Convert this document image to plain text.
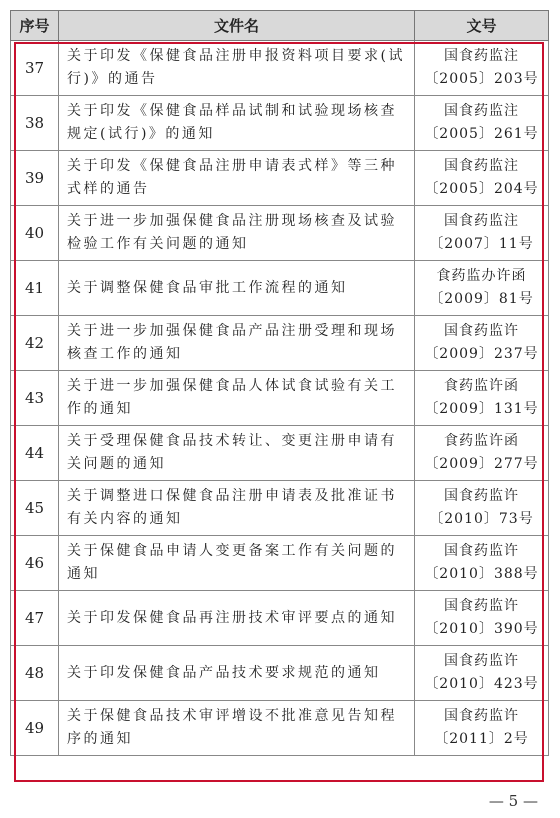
序号	文件名	文号
37	关于印发《保健食品注册申报资料项目要求(试行)》的通告	国食药监注〔2005〕203号
38	关于印发《保健食品样品试制和试验现场核查规定(试行)》的通知	国食药监注〔2005〕261号
39	关于印发《保健食品注册申请表式样》等三种式样的通告	国食药监注〔2005〕204号
40	关于进一步加强保健食品注册现场核查及试验检验工作有关问题的通知	国食药监注〔2007〕11号
41	关于调整保健食品审批工作流程的通知	食药监办许函〔2009〕81号
42	关于进一步加强保健食品产品注册受理和现场核查工作的通知	国食药监许〔2009〕237号
43	关于进一步加强保健食品人体试食试验有关工作的通知	食药监许函〔2009〕131号
44	关于受理保健食品技术转让、变更注册申请有关问题的通知	食药监许函〔2009〕277号
45	关于调整进口保健食品注册申请表及批准证书有关内容的通知	国食药监许〔2010〕73号
46	关于保健食品申请人变更备案工作有关问题的通知	国食药监许〔2010〕388号
47	关于印发保健食品再注册技术审评要点的通知	国食药监许〔2010〕390号
48	关于印发保健食品产品技术要求规范的通知	国食药监许〔2010〕423号
49	关于保健食品技术审评增设不批准意见告知程序的通知	国食药监许〔2011〕2号
— 5 —
